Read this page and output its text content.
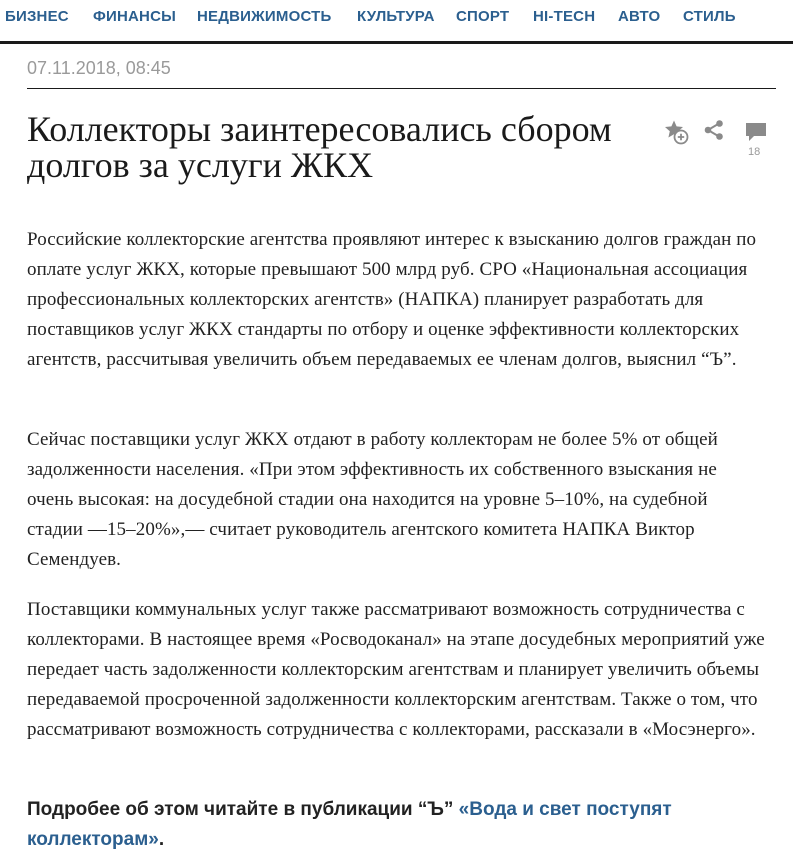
БИЗНЕС ФИНАНСЫ НЕДВИЖИМОСТЬ КУЛЬТУРА СПОРТ HI-TECH АВТО СТИЛЬ
07.11.2018, 08:45
Коллекторы заинтересовались сбором долгов за услуги ЖКХ	18

Российские коллекторские агентства проявляют интерес к взысканию долгов граждан по оплате услуг ЖКХ, которые превышают 500 млрд руб. СРО «Национальная ассоциация профессиональных коллекторских агентств» (НАПКА) планирует разработать для поставщиков услуг ЖКХ стандарты по отбору и оценке эффективности коллекторских агентств, рассчитывая увеличить объем передаваемых ее членам долгов, выяснил “Ъ”.

Сейчас поставщики услуг ЖКХ отдают в работу коллекторам не более 5% от общей задолженности населения. «При этом эффективность их собственного взыскания не очень высокая: на досудебной стадии она находится на уровне 5–10%, на судебной стадии —15–20%»,— считает руководитель агентского комитета НАПКА Виктор Семендуев.

Поставщики коммунальных услуг также рассматривают возможность сотрудничества с коллекторами. В настоящее время «Росводоканал» на этапе досудебных мероприятий уже передает часть задолженности коллекторским агентствам и планирует увеличить объемы передаваемой просроченной задолженности коллекторским агентствам. Также о том, что рассматривают возможность сотрудничества с коллекторами, рассказали в «Мосэнерго».

Подробее об этом читайте в публикации “Ъ” «Вода и свет поступят коллекторам».
